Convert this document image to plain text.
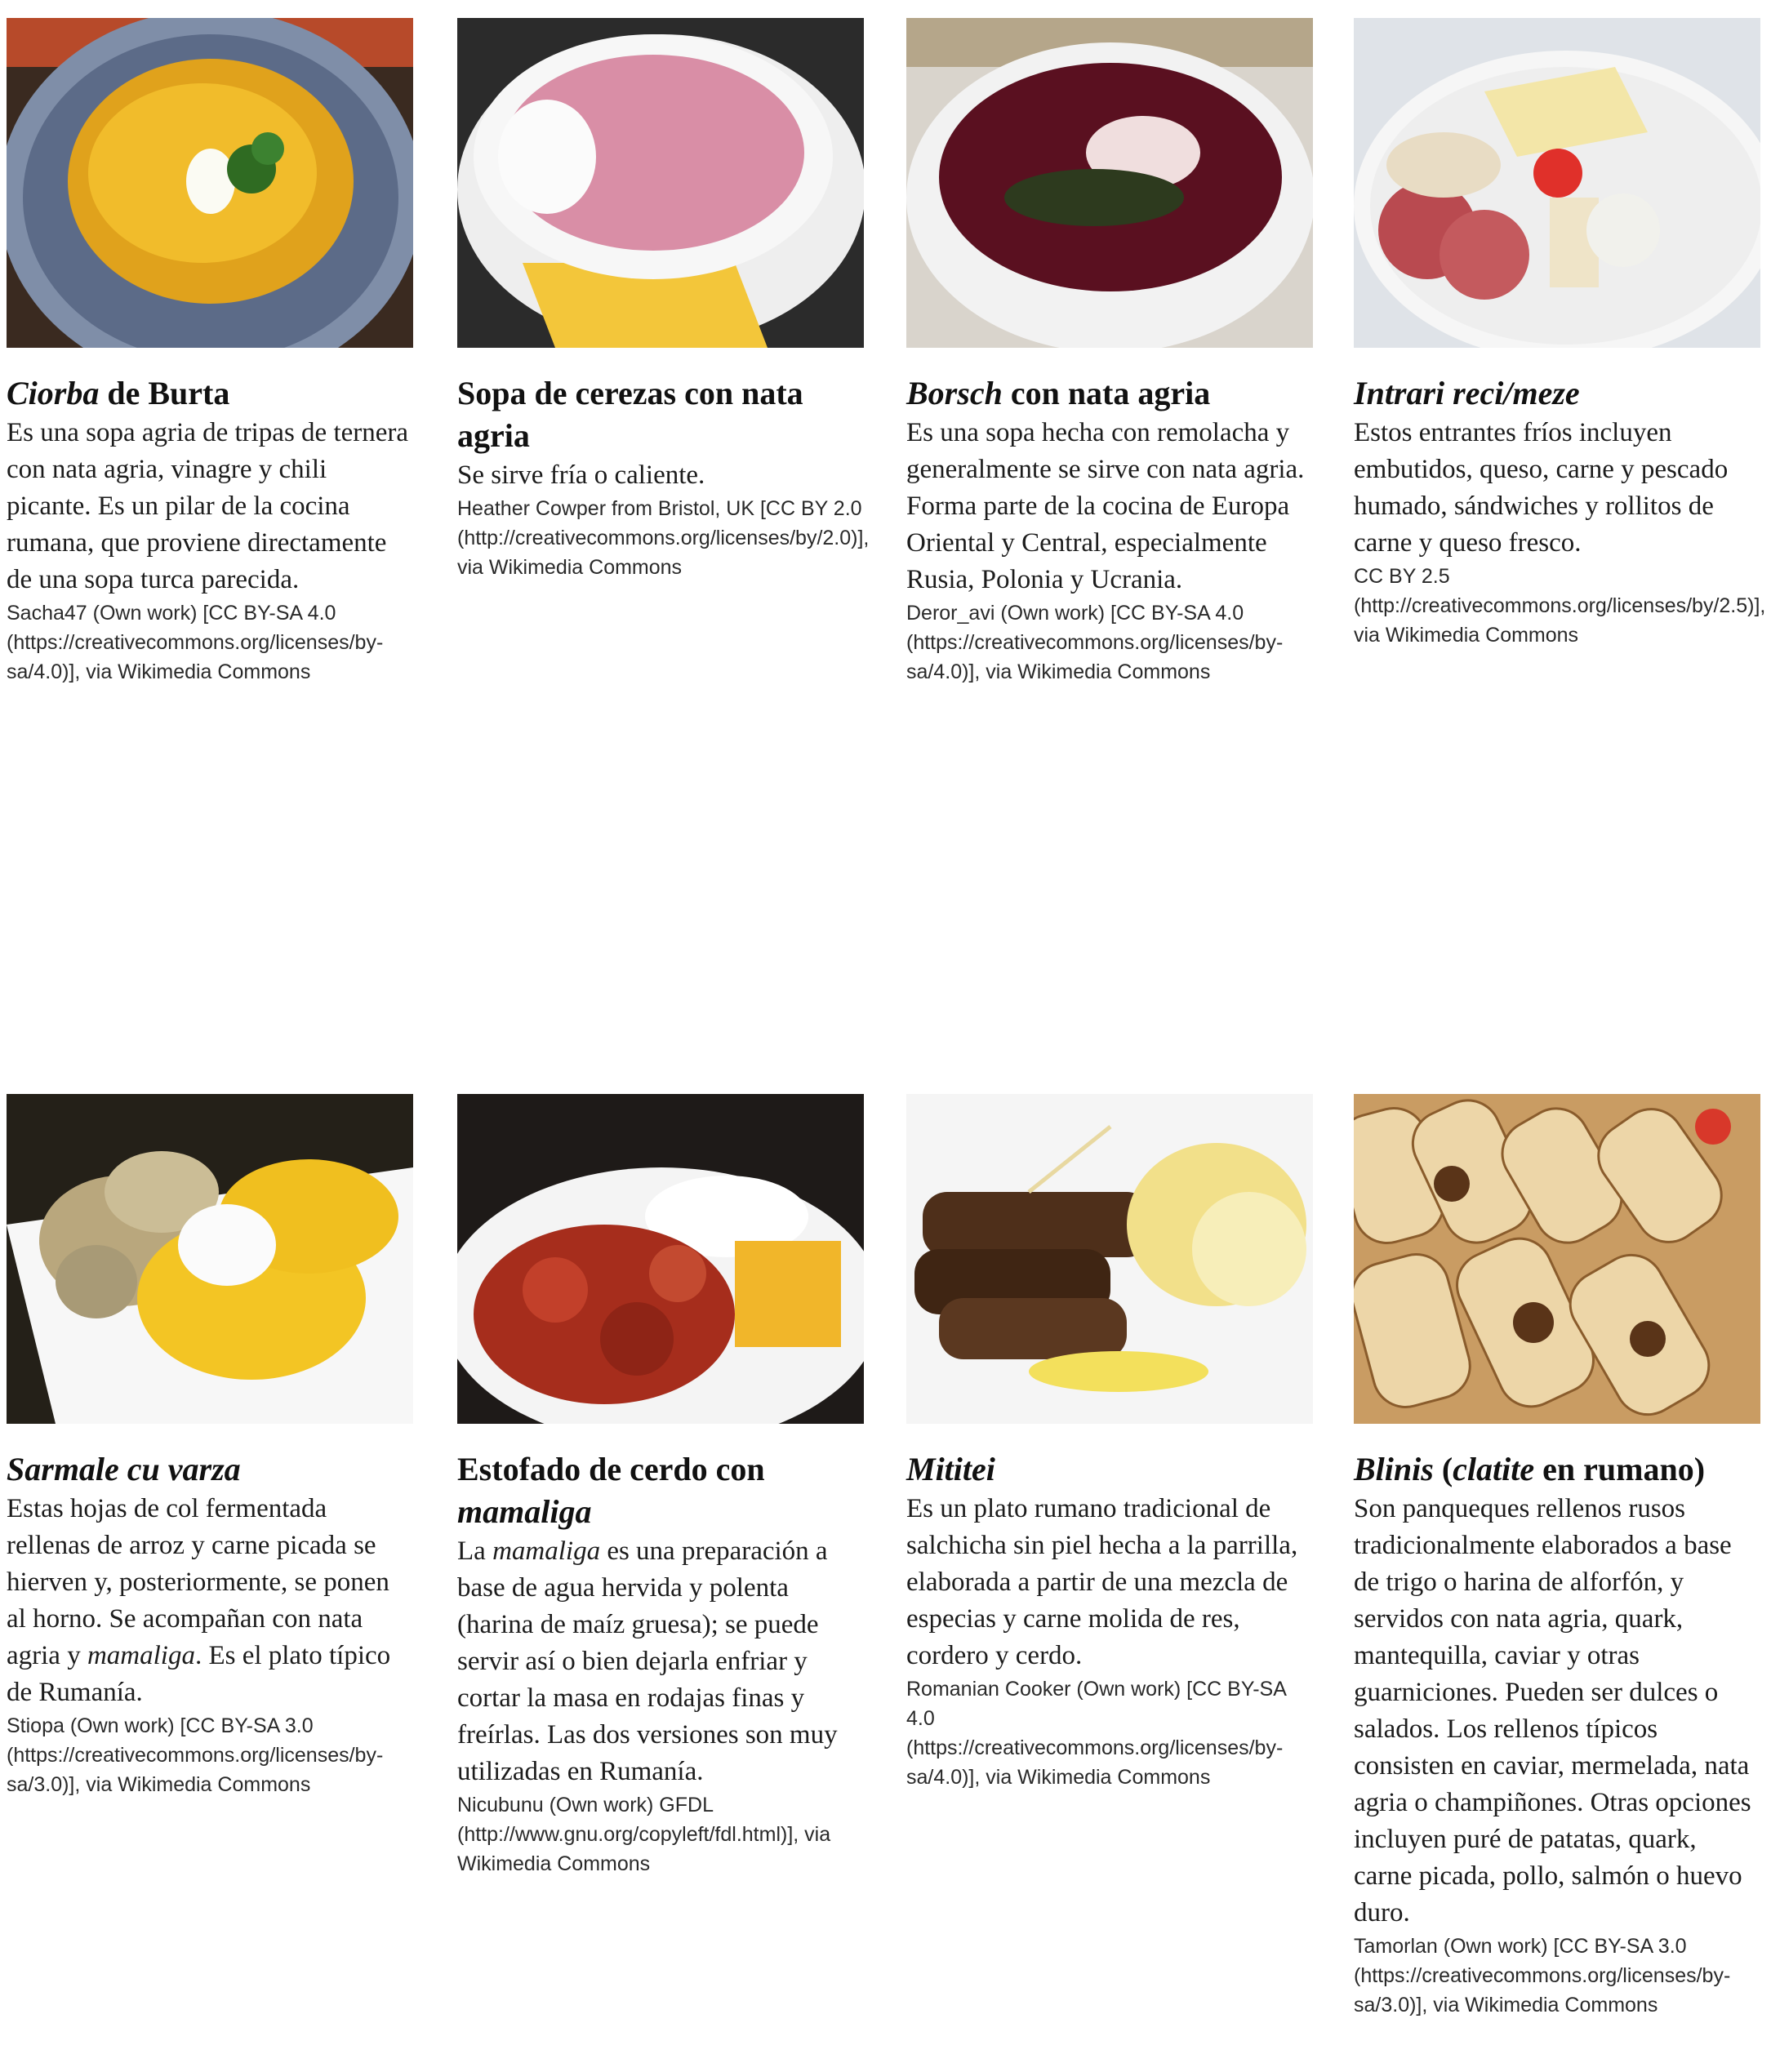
Ciorba de Burta
Es una sopa agria de tripas de ternera con nata agria, vinagre y chili picante. Es un pilar de la cocina rumana, que proviene directamente de una sopa turca parecida.
Sacha47 (Own work) [CC BY-SA 4.0 (https://creativecommons.org/licenses/by-sa/4.0)], via Wikimedia Commons
Sopa de cerezas con nata agria
Se sirve fría o caliente.
Heather Cowper from Bristol, UK [CC BY 2.0 (http://creativecommons.org/licenses/by/2.0)], via Wikimedia Commons
Borsch con nata agria
Es una sopa hecha con remolacha y generalmente se sirve con nata agria. Forma parte de la cocina de Europa Oriental y Central, especialmente Rusia, Polonia y Ucrania.
Deror_avi (Own work) [CC BY-SA 4.0 (https://creativecommons.org/licenses/by-sa/4.0)], via Wikimedia Commons
Intrari reci/meze
Estos entrantes fríos incluyen embutidos, queso, carne y pescado humado, sándwiches y rollitos de carne y queso fresco.
CC BY 2.5 (http://creativecommons.org/licenses/by/2.5)], via Wikimedia Commons
Sarmale cu varza
Estas hojas de col fermentada rellenas de arroz y carne picada se hierven y, posteriormente, se ponen al horno. Se acompañan con nata agria y mamaliga. Es el plato típico de Rumanía.
Stiopa (Own work) [CC BY-SA 3.0 (https://creativecommons.org/licenses/by-sa/3.0)], via Wikimedia Commons
Estofado de cerdo con mamaliga
La mamaliga es una preparación a base de agua hervida y polenta (harina de maíz gruesa); se puede servir así o bien dejarla enfriar y cortar la masa en rodajas finas y freírlas. Las dos versiones son muy utilizadas en Rumanía.
Nicubunu (Own work) GFDL (http://www.gnu.org/copyleft/fdl.html)], via Wikimedia Commons
Mititei
Es un plato rumano tradicional de salchicha sin piel hecha a la parrilla, elaborada a partir de una mezcla de especias y carne molida de res, cordero y cerdo.
Romanian Cooker (Own work) [CC BY-SA 4.0 (https://creativecommons.org/licenses/by-sa/4.0)], via Wikimedia Commons
Blinis (clatite en rumano)
Son panqueques rellenos rusos tradicionalmente elaborados a base de trigo o harina de alforfón, y servidos con nata agria, quark, mantequilla, caviar y otras guarniciones. Pueden ser dulces o salados. Los rellenos típicos consisten en caviar, mermelada, nata agria o champiñones. Otras opciones incluyen puré de patatas, quark, carne picada, pollo, salmón o huevo duro.
Tamorlan (Own work) [CC BY-SA 3.0 (https://creativecommons.org/licenses/by-sa/3.0)], via Wikimedia Commons
